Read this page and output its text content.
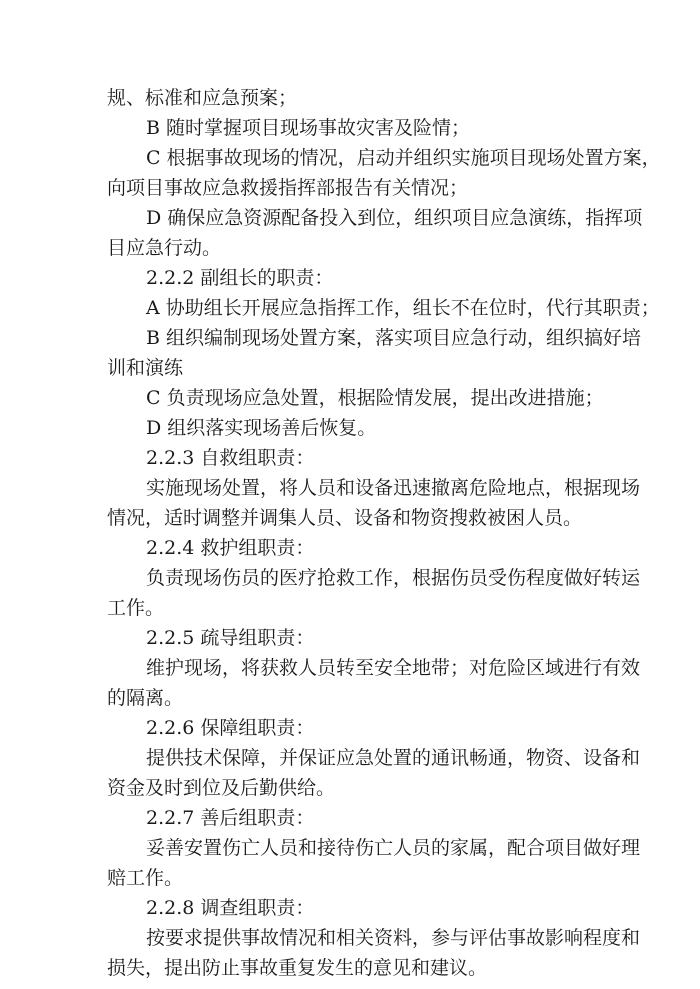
规、标准和应急预案；
B 随时掌握项目现场事故灾害及险情；
C 根据事故现场的情况，启动并组织实施项目现场处置方案，
向项目事故应急救援指挥部报告有关情况；
D 确保应急资源配备投入到位，组织项目应急演练，指挥项
目应急行动。
2.2.2 副组长的职责：
A 协助组长开展应急指挥工作，组长不在位时，代行其职责；
B 组织编制现场处置方案，落实项目应急行动，组织搞好培
训和演练
C 负责现场应急处置，根据险情发展，提出改进措施；
D 组织落实现场善后恢复。
2.2.3 自救组职责：
实施现场处置，将人员和设备迅速撤离危险地点，根据现场
情况，适时调整并调集人员、设备和物资搜救被困人员。
2.2.4 救护组职责：
负责现场伤员的医疗抢救工作，根据伤员受伤程度做好转运
工作。
2.2.5 疏导组职责：
维护现场，将获救人员转至安全地带；对危险区域进行有效
的隔离。
2.2.6 保障组职责：
提供技术保障，并保证应急处置的通讯畅通，物资、设备和
资金及时到位及后勤供给。
2.2.7 善后组职责：
妥善安置伤亡人员和接待伤亡人员的家属，配合项目做好理
赔工作。
2.2.8 调查组职责：
按要求提供事故情况和相关资料，参与评估事故影响程度和
损失，提出防止事故重复发生的意见和建议。
